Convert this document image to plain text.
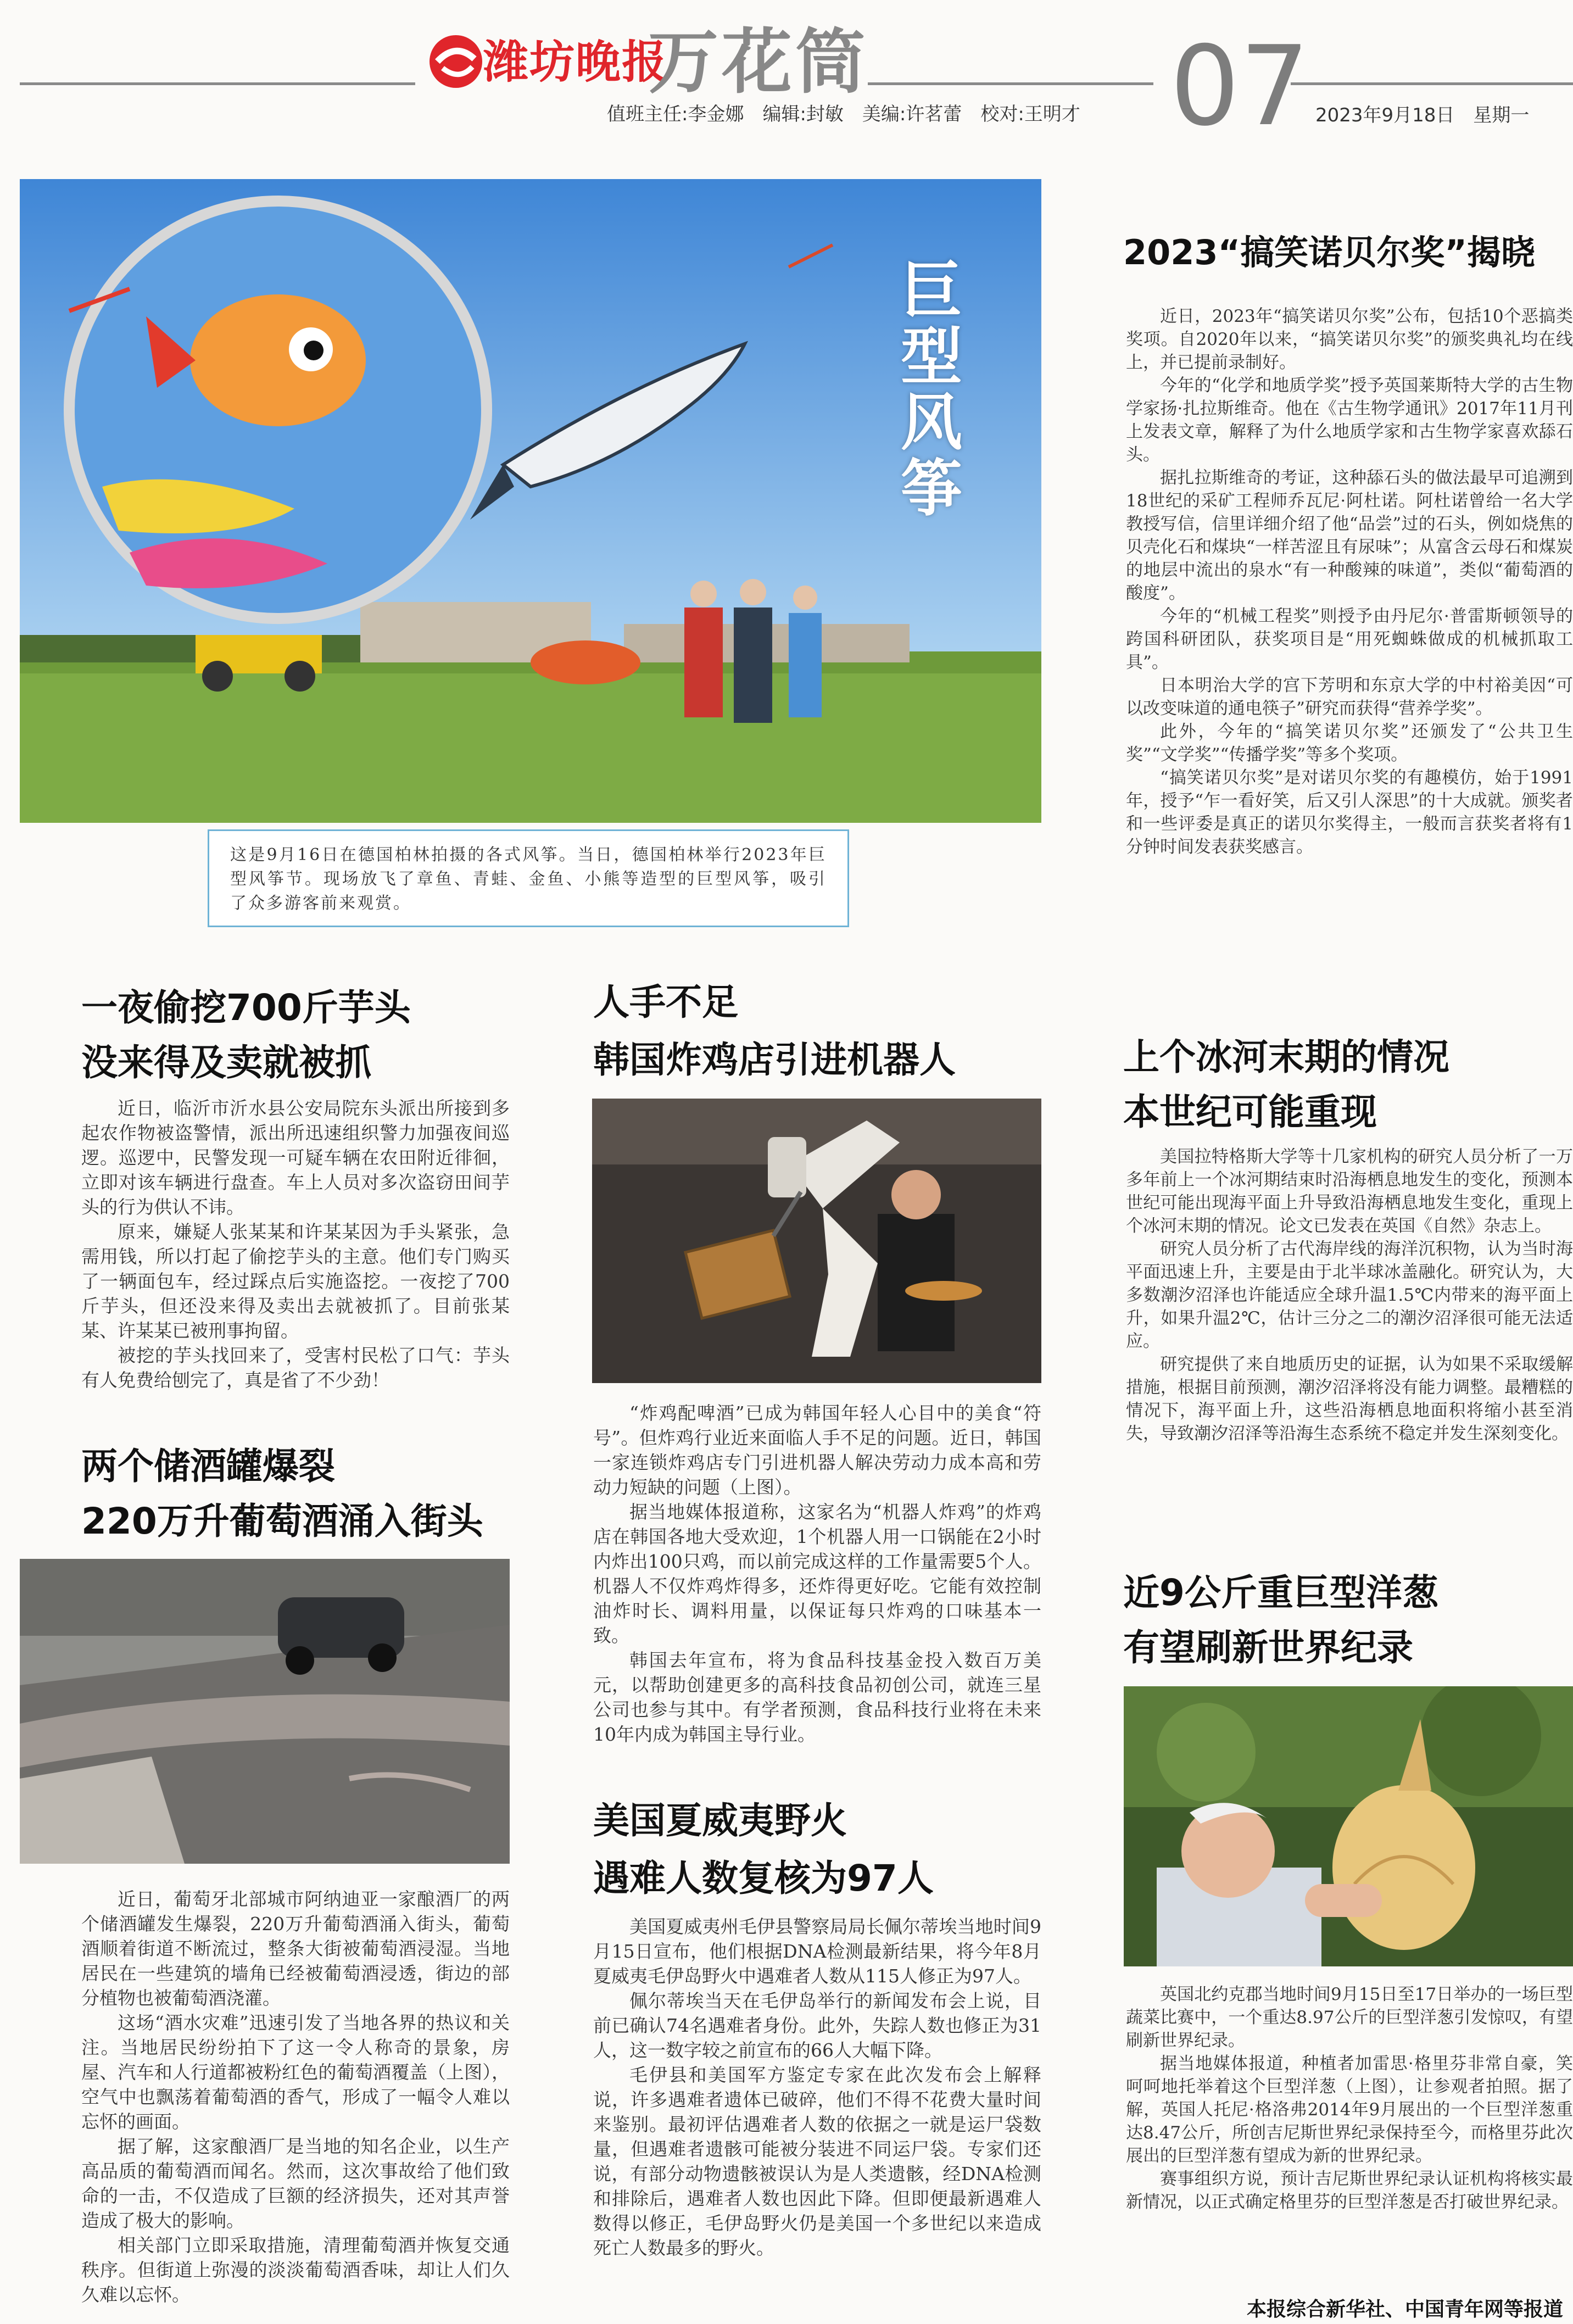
潍坊晚报
万花筒	07
值班主任:李金娜　编辑:封敏　美编:许茗蕾　校对:王明才	2023年9月18日　星期一
巨
型
风
筝
这是9月16日在德国柏林拍摄的各式风筝。当日，德国柏林举行2023年巨型风筝节。现场放飞了章鱼、青蛙、金鱼、小熊等造型的巨型风筝，吸引了众多游客前来观赏。
2023“搞笑诺贝尔奖”揭晓

近日，2023年“搞笑诺贝尔奖”公布，包括10个恶搞类奖项。自2020年以来，“搞笑诺贝尔奖”的颁奖典礼均在线上，并已提前录制好。

今年的“化学和地质学奖”授予英国莱斯特大学的古生物学家扬·扎拉斯维奇。他在《古生物学通讯》2017年11月刊上发表文章，解释了为什么地质学家和古生物学家喜欢舔石头。

据扎拉斯维奇的考证，这种舔石头的做法最早可追溯到18世纪的采矿工程师乔瓦尼·阿杜诺。阿杜诺曾给一名大学教授写信，信里详细介绍了他“品尝”过的石头，例如烧焦的贝壳化石和煤块“一样苦涩且有尿味”；从富含云母石和煤炭的地层中流出的泉水“有一种酸辣的味道”，类似“葡萄酒的酸度”。

今年的“机械工程奖”则授予由丹尼尔·普雷斯顿领导的跨国科研团队，获奖项目是“用死蜘蛛做成的机械抓取工具”。

日本明治大学的宫下芳明和东京大学的中村裕美因“可以改变味道的通电筷子”研究而获得“营养学奖”。

此外，今年的“搞笑诺贝尔奖”还颁发了“公共卫生奖”“文学奖”“传播学奖”等多个奖项。

“搞笑诺贝尔奖”是对诺贝尔奖的有趣模仿，始于1991年，授予“乍一看好笑，后又引人深思”的十大成就。颁奖者和一些评委是真正的诺贝尔奖得主，一般而言获奖者将有1分钟时间发表获奖感言。

上个冰河末期的情况
本世纪可能重现

美国拉特格斯大学等十几家机构的研究人员分析了一万多年前上一个冰河期结束时沿海栖息地发生的变化，预测本世纪可能出现海平面上升导致沿海栖息地发生变化，重现上个冰河末期的情况。论文已发表在英国《自然》杂志上。

研究人员分析了古代海岸线的海洋沉积物，认为当时海平面迅速上升，主要是由于北半球冰盖融化。研究认为，大多数潮汐沼泽也许能适应全球升温1.5℃内带来的海平面上升，如果升温2℃，估计三分之二的潮汐沼泽很可能无法适应。

研究提供了来自地质历史的证据，认为如果不采取缓解措施，根据目前预测，潮汐沼泽将没有能力调整。最糟糕的情况下，海平面上升，这些沿海栖息地面积将缩小甚至消失，导致潮汐沼泽等沿海生态系统不稳定并发生深刻变化。

近9公斤重巨型洋葱
有望刷新世界纪录

英国北约克郡当地时间9月15日至17日举办的一场巨型蔬菜比赛中，一个重达8.97公斤的巨型洋葱引发惊叹，有望刷新世界纪录。

据当地媒体报道，种植者加雷思·格里芬非常自豪，笑呵呵地托举着这个巨型洋葱（上图），让参观者拍照。据了解，英国人托尼·格洛弗2014年9月展出的一个巨型洋葱重达8.47公斤，所创吉尼斯世界纪录保持至今，而格里芬此次展出的巨型洋葱有望成为新的世界纪录。

赛事组织方说，预计吉尼斯世界纪录认证机构将核实最新情况，以正式确定格里芬的巨型洋葱是否打破世界纪录。

一夜偷挖700斤芋头
没来得及卖就被抓

近日，临沂市沂水县公安局院东头派出所接到多起农作物被盗警情，派出所迅速组织警力加强夜间巡逻。巡逻中，民警发现一可疑车辆在农田附近徘徊，立即对该车辆进行盘查。车上人员对多次盗窃田间芋头的行为供认不讳。

原来，嫌疑人张某某和许某某因为手头紧张，急需用钱，所以打起了偷挖芋头的主意。他们专门购买了一辆面包车，经过踩点后实施盗挖。一夜挖了700斤芋头，但还没来得及卖出去就被抓了。目前张某某、许某某已被刑事拘留。

被挖的芋头找回来了，受害村民松了口气：芋头有人免费给刨完了，真是省了不少劲！

两个储酒罐爆裂
220万升葡萄酒涌入街头

近日，葡萄牙北部城市阿纳迪亚一家酿酒厂的两个储酒罐发生爆裂，220万升葡萄酒涌入街头，葡萄酒顺着街道不断流过，整条大街被葡萄酒浸湿。当地居民在一些建筑的墙角已经被葡萄酒浸透，街边的部分植物也被葡萄酒浇灌。

这场“酒水灾难”迅速引发了当地各界的热议和关注。当地居民纷纷拍下了这一令人称奇的景象，房屋、汽车和人行道都被粉红色的葡萄酒覆盖（上图），空气中也飘荡着葡萄酒的香气，形成了一幅令人难以忘怀的画面。

据了解，这家酿酒厂是当地的知名企业，以生产高品质的葡萄酒而闻名。然而，这次事故给了他们致命的一击，不仅造成了巨额的经济损失，还对其声誉造成了极大的影响。

相关部门立即采取措施，清理葡萄酒并恢复交通秩序。但街道上弥漫的淡淡葡萄酒香味，却让人们久久难以忘怀。

人手不足
韩国炸鸡店引进机器人

“炸鸡配啤酒”已成为韩国年轻人心目中的美食“符号”。但炸鸡行业近来面临人手不足的问题。近日，韩国一家连锁炸鸡店专门引进机器人解决劳动力成本高和劳动力短缺的问题（上图）。

据当地媒体报道称，这家名为“机器人炸鸡”的炸鸡店在韩国各地大受欢迎，1个机器人用一口锅能在2小时内炸出100只鸡，而以前完成这样的工作量需要5个人。机器人不仅炸鸡炸得多，还炸得更好吃。它能有效控制油炸时长、调料用量，以保证每只炸鸡的口味基本一致。

韩国去年宣布，将为食品科技基金投入数百万美元，以帮助创建更多的高科技食品初创公司，就连三星公司也参与其中。有学者预测，食品科技行业将在未来10年内成为韩国主导行业。

美国夏威夷野火
遇难人数复核为97人

美国夏威夷州毛伊县警察局局长佩尔蒂埃当地时间9月15日宣布，他们根据DNA检测最新结果，将今年8月夏威夷毛伊岛野火中遇难者人数从115人修正为97人。

佩尔蒂埃当天在毛伊岛举行的新闻发布会上说，目前已确认74名遇难者身份。此外，失踪人数也修正为31人，这一数字较之前宣布的66人大幅下降。

毛伊县和美国军方鉴定专家在此次发布会上解释说，许多遇难者遗体已破碎，他们不得不花费大量时间来鉴别。最初评估遇难者人数的依据之一就是运尸袋数量，但遇难者遗骸可能被分装进不同运尸袋。专家们还说，有部分动物遗骸被误认为是人类遗骸，经DNA检测和排除后，遇难者人数也因此下降。但即便最新遇难人数得以修正，毛伊岛野火仍是美国一个多世纪以来造成死亡人数最多的野火。

本报综合新华社、中国青年网等报道
